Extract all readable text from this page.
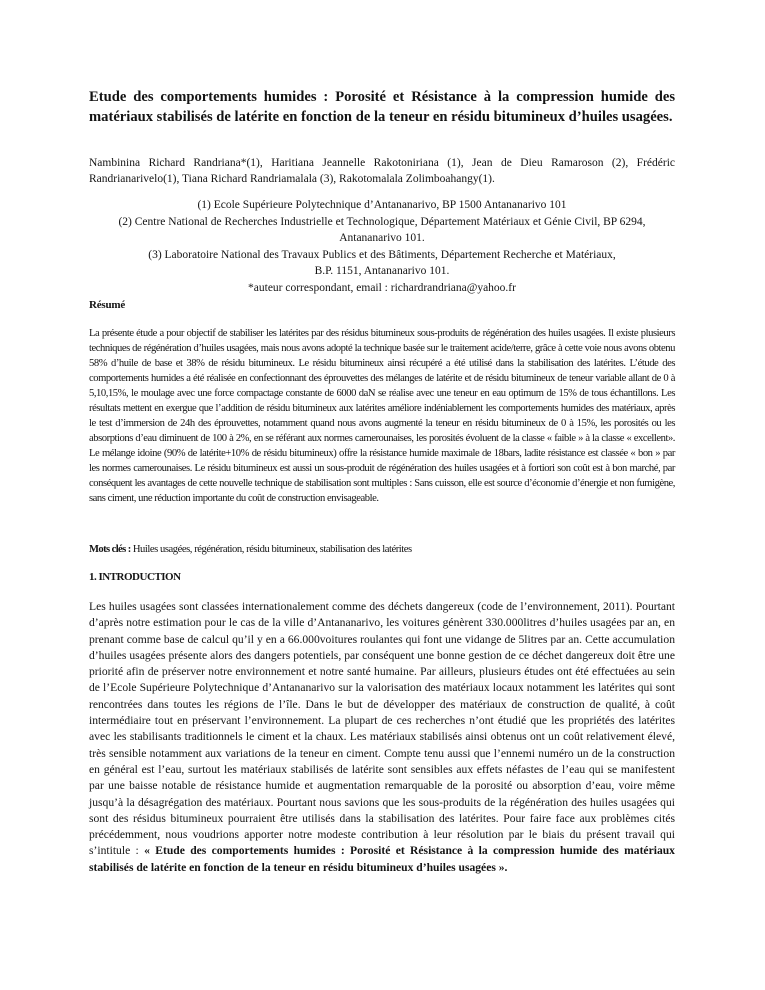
Etude des comportements humides : Porosité et Résistance à la compression humide des matériaux stabilisés de latérite en fonction de la teneur en résidu bitumineux d’huiles usagées.

Nambinina Richard Randriana*(1), Haritiana Jeannelle Rakotoniriana (1), Jean de Dieu Ramaroson (2), Frédéric Randrianarivelo(1), Tiana Richard Randriamalala (3), Rakotomalala Zolimboahangy(1).

(1) Ecole Supérieure Polytechnique d’Antananarivo, BP 1500 Antananarivo 101
(2) Centre National de Recherches Industrielle et Technologique, Département Matériaux et Génie Civil, BP 6294,
Antananarivo 101.
(3) Laboratoire National des Travaux Publics et des Bâtiments, Département Recherche et Matériaux,
B.P. 1151, Antananarivo 101.
*auteur correspondant, email : richardrandriana@yahoo.fr
Résumé

La présente étude a pour objectif de stabiliser les latérites par des résidus bitumineux sous-produits de régénération des huiles usagées. Il existe plusieurs techniques de régénération d’huiles usagées, mais nous avons adopté la technique basée sur le traitement acide/terre, grâce à cette voie nous avons obtenu 58% d’huile de base et 38% de résidu bitumineux. Le résidu bitumineux ainsi récupéré a été utilisé dans la stabilisation des latérites. L’étude des comportements humides a été réalisée en confectionnant des éprouvettes des mélanges de latérite et de résidu bitumineux de teneur variable allant de 0 à 5,10,15%, le moulage avec une force compactage constante de 6000 daN se réalise avec une teneur en eau optimum de 15% de tous échantillons. Les résultats mettent en exergue que l’addition de résidu bitumineux aux latérites améliore indéniablement les comportements humides des matériaux, après le test d’immersion de 24h des éprouvettes, notamment quand nous avons augmenté la teneur en résidu bitumineux de 0 à 15%, les porosités ou les absorptions d’eau diminuent de 100 à 2%, en se référant aux normes camerounaises, les porosités évoluent de la classe « faible » à la classe « excellent». Le mélange idoine (90% de latérite+10% de résidu bitumineux) offre la résistance humide maximale de 18bars, ladite résistance est classée « bon » par les normes camerounaises. Le résidu bitumineux est aussi un sous-produit de régénération des huiles usagées et à fortiori son coût est à bon marché, par conséquent les avantages de cette nouvelle technique de stabilisation sont multiples : Sans cuisson, elle est source d’économie d’énergie et non fumigène, sans ciment, une réduction importante du coût de construction envisageable.

Mots clés : Huiles usagées, régénération, résidu bitumineux, stabilisation des latérites

1. INTRODUCTION

Les huiles usagées sont classées internationalement comme des déchets dangereux (code de l’environnement, 2011). Pourtant d’après notre estimation pour le cas de la ville d’Antananarivo, les voitures génèrent 330.000litres d’huiles usagées par an, en prenant comme base de calcul qu’il y en a 66.000voitures roulantes qui font une vidange de 5litres par an. Cette accumulation d’huiles usagées présente alors des dangers potentiels, par conséquent une bonne gestion de ce déchet dangereux doit être une priorité afin de préserver notre environnement et notre santé humaine. Par ailleurs, plusieurs études ont été effectuées au sein de l’Ecole Supérieure Polytechnique d’Antananarivo sur la valorisation des matériaux locaux notamment les latérites qui sont rencontrées dans toutes les régions de l’île. Dans le but de développer des matériaux de construction de qualité, à coût intermédiaire tout en préservant l’environnement. La plupart de ces recherches n’ont étudié que les propriétés des latérites avec les stabilisants traditionnels le ciment et la chaux. Les matériaux stabilisés ainsi obtenus ont un coût relativement élevé, très sensible notamment aux variations de la teneur en ciment. Compte tenu aussi que l’ennemi numéro un de la construction en général est l’eau, surtout les matériaux stabilisés de latérite sont sensibles aux effets néfastes de l’eau qui se manifestent par une baisse notable de résistance humide et augmentation remarquable de la porosité ou absorption d’eau, voire même jusqu’à la désagrégation des matériaux. Pourtant nous savions que les sous-produits de la régénération des huiles usagées qui sont des résidus bitumineux pourraient être utilisés dans la stabilisation des latérites. Pour faire face aux problèmes cités précédemment, nous voudrions apporter notre modeste contribution à leur résolution par le biais du présent travail qui s’intitule : « Etude des comportements humides : Porosité et Résistance à la compression humide des matériaux stabilisés de latérite en fonction de la teneur en résidu bitumineux d’huiles usagées ».
